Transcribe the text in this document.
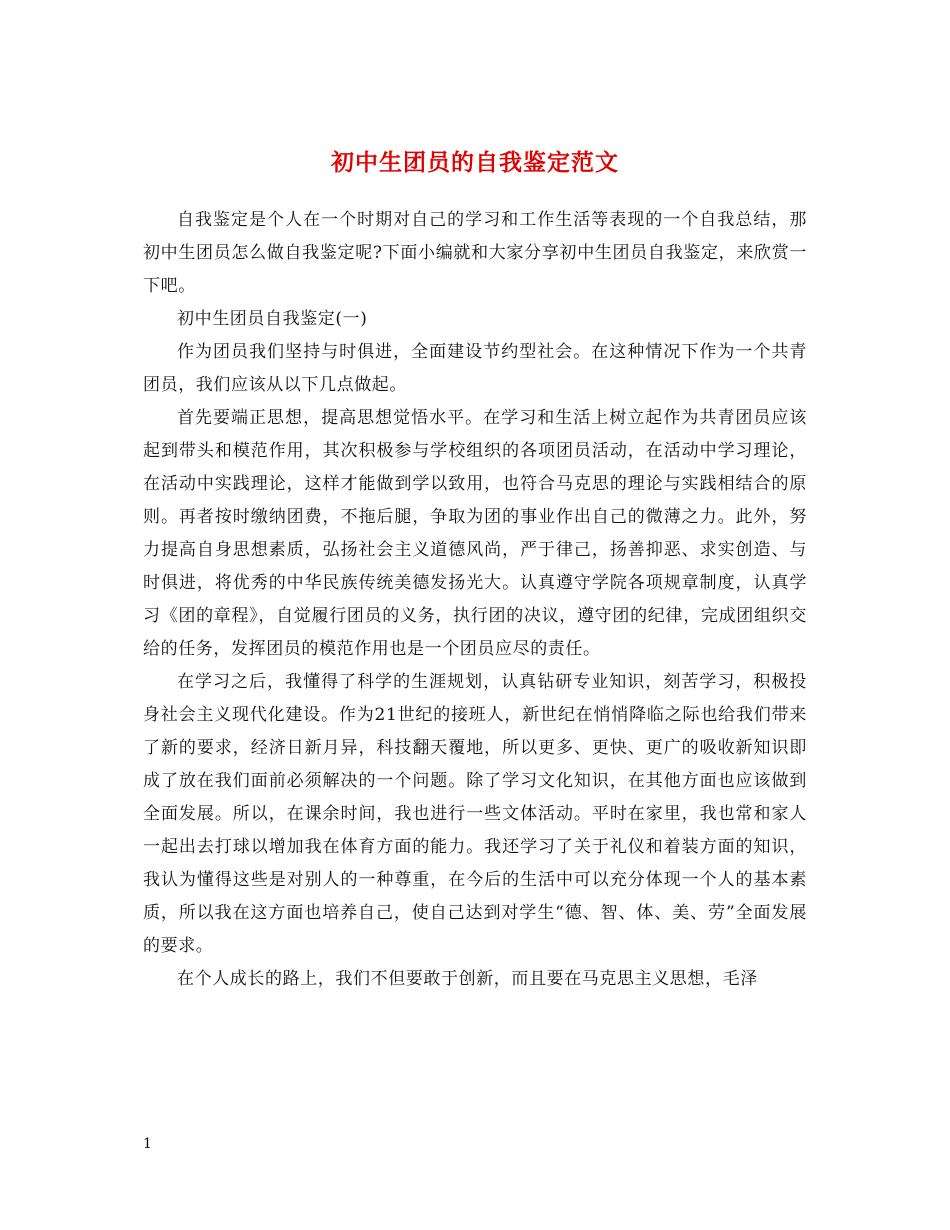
初中生团员的自我鉴定范文

自我鉴定是个人在一个时期对自己的学习和工作生活等表现的一个自我总结，那初中生团员怎么做自我鉴定呢?下面小编就和大家分享初中生团员自我鉴定，来欣赏一下吧。

初中生团员自我鉴定(一)

作为团员我们坚持与时俱进，全面建设节约型社会。在这种情况下作为一个共青团员，我们应该从以下几点做起。

首先要端正思想，提高思想觉悟水平。在学习和生活上树立起作为共青团员应该起到带头和模范作用，其次积极参与学校组织的各项团员活动，在活动中学习理论，在活动中实践理论，这样才能做到学以致用，也符合马克思的理论与实践相结合的原则。再者按时缴纳团费，不拖后腿，争取为团的事业作出自己的微薄之力。此外，努力提高自身思想素质，弘扬社会主义道德风尚，严于律己，扬善抑恶、求实创造、与时俱进，将优秀的中华民族传统美德发扬光大。认真遵守学院各项规章制度，认真学习《团的章程》，自觉履行团员的义务，执行团的决议，遵守团的纪律，完成团组织交给的任务，发挥团员的模范作用也是一个团员应尽的责任。

在学习之后，我懂得了科学的生涯规划，认真钻研专业知识，刻苦学习，积极投身社会主义现代化建设。作为21世纪的接班人，新世纪在悄悄降临之际也给我们带来了新的要求，经济日新月异，科技翻天覆地，所以更多、更快、更广的吸收新知识即成了放在我们面前必须解决的一个问题。除了学习文化知识，在其他方面也应该做到全面发展。所以，在课余时间，我也进行一些文体活动。平时在家里，我也常和家人一起出去打球以增加我在体育方面的能力。我还学习了关于礼仪和着装方面的知识，我认为懂得这些是对别人的一种尊重，在今后的生活中可以充分体现一个人的基本素质，所以我在这方面也培养自己，使自己达到对学生“德、智、体、美、劳”全面发展的要求。

在个人成长的路上，我们不但要敢于创新，而且要在马克思主义思想，毛泽

1
